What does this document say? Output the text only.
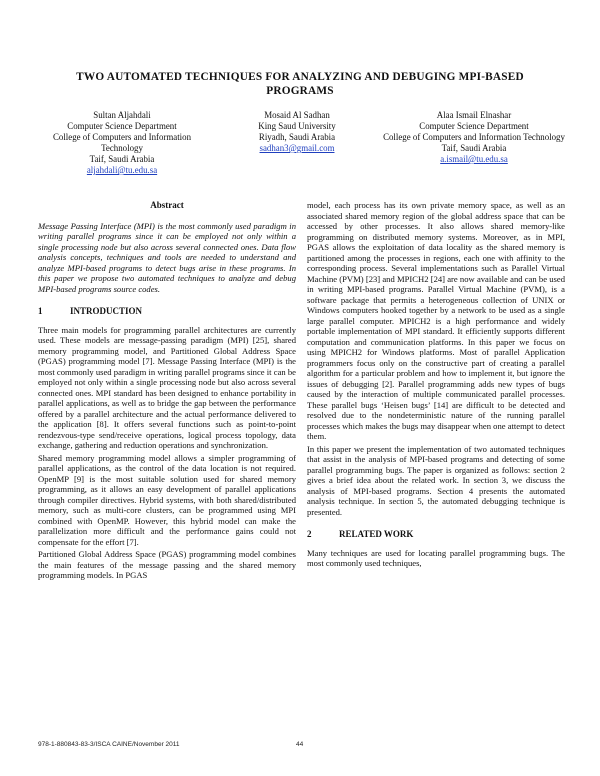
TWO AUTOMATED TECHNIQUES FOR ANALYZING AND DEBUGING MPI-BASED PROGRAMS
Sultan Aljahdali
Computer Science Department
College of Computers and Information Technology
Taif, Saudi Arabia
aljahdali@tu.edu.sa
Mosaid Al Sadhan
King Saud University
Riyadh, Saudi Arabia
sadhan3@gmail.com
Alaa Ismail Elnashar
Computer Science Department
College of Computers and Information Technology
Taif, Saudi Arabia
a.ismail@tu.edu.sa
Abstract

Message Passing Interface (MPI) is the most commonly used paradigm in writing parallel programs since it can be employed not only within a single processing node but also across several connected ones. Data flow analysis concepts, techniques and tools are needed to understand and analyze MPI-based programs to detect bugs arise in these programs. In this paper we propose two automated techniques to analyze and debug MPI-based programs source codes.

1	INTRODUCTION

Three main models for programming parallel architectures are currently used. These models are message-passing paradigm (MPI) [25], shared memory programming model, and Partitioned Global Address Space (PGAS) programming model [7]. Message Passing Interface (MPI) is the most commonly used paradigm in writing parallel programs since it can be employed not only within a single processing node but also across several connected ones. MPI standard has been designed to enhance portability in parallel applications, as well as to bridge the gap between the performance offered by a parallel architecture and the actual performance delivered to the application [8]. It offers several functions such as point-to-point rendezvous-type send/receive operations, logical process topology, data exchange, gathering and reduction operations and synchronization.

Shared memory programming model allows a simpler programming of parallel applications, as the control of the data location is not required. OpenMP [9] is the most suitable solution used for shared memory programming, as it allows an easy development of parallel applications through compiler directives. Hybrid systems, with both shared/distributed memory, such as multi-core clusters, can be programmed using MPI combined with OpenMP. However, this hybrid model can make the parallelization more difficult and the performance gains could not compensate for the effort [7].

Partitioned Global Address Space (PGAS) programming model combines the main features of the message passing and the shared memory programming models. In PGAS

model, each process has its own private memory space, as well as an associated shared memory region of the global address space that can be accessed by other processes. It also allows shared memory-like programming on distributed memory systems. Moreover, as in MPI, PGAS allows the exploitation of data locality as the shared memory is partitioned among the processes in regions, each one with affinity to the corresponding process. Several implementations such as Parallel Virtual Machine (PVM) [23] and MPICH2 [24] are now available and can be used in writing MPI-based programs. Parallel Virtual Machine (PVM), is a software package that permits a heterogeneous collection of UNIX or Windows computers hooked together by a network to be used as a single large parallel computer. MPICH2 is a high performance and widely portable implementation of MPI standard. It efficiently supports different computation and communication platforms. In this paper we focus on using MPICH2 for Windows platforms. Most of parallel Application programmers focus only on the constructive part of creating a parallel algorithm for a particular problem and how to implement it, but ignore the issues of debugging [2]. Parallel programming adds new types of bugs caused by the interaction of multiple communicated parallel processes. These parallel bugs ‘Heisen bugs’ [14] are difficult to be detected and resolved due to the nondeterministic nature of the running parallel processes which makes the bugs may disappear when one attempt to detect them.

In this paper we present the implementation of two automated techniques that assist in the analysis of MPI-based programs and detecting of some parallel programming bugs. The paper is organized as follows: section 2 gives a brief idea about the related work. In section 3, we discuss the analysis of MPI-based programs. Section 4 presents the automated analysis technique. In section 5, the automated debugging technique is presented.

2	RELATED WORK

Many techniques are used for locating parallel programming bugs. The most commonly used techniques,

978-1-880843-83-3/ISCA CAINE/November 2011	44
